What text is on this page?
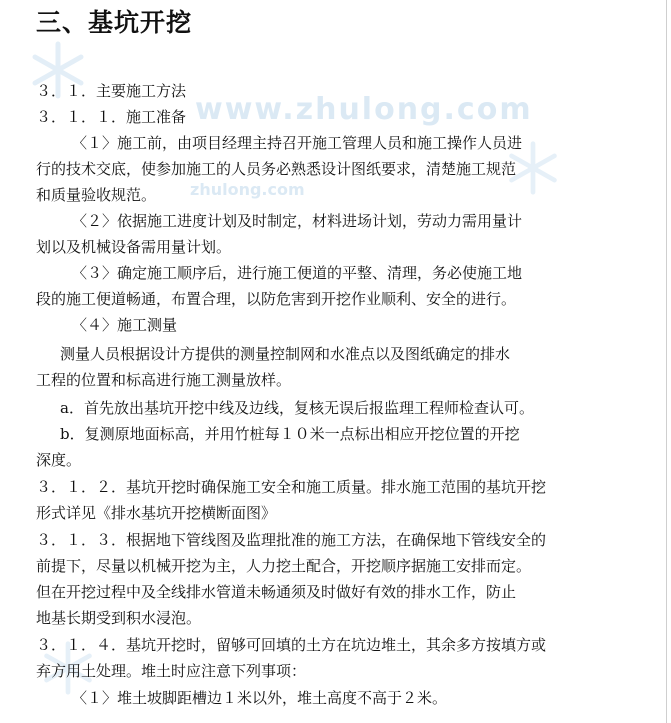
www.zhulong.com
zhulong.com
三、基坑开挖
３．１．主要施工方法
３．１．１．施工准备
〈１〉施工前，由项目经理主持召开施工管理人员和施工操作人员进
行的技术交底，使参加施工的人员务必熟悉设计图纸要求，清楚施工规范
和质量验收规范。
〈２〉依据施工进度计划及时制定，材料进场计划，劳动力需用量计
划以及机械设备需用量计划。
〈３〉确定施工顺序后，进行施工便道的平整、清理，务必使施工地
段的施工便道畅通，布置合理，以防危害到开挖作业顺利、安全的进行。
〈４〉施工测量
测量人员根据设计方提供的测量控制网和水准点以及图纸确定的排水
工程的位置和标高进行施工测量放样。
a．首先放出基坑开挖中线及边线，复核无误后报监理工程师检查认可。
b．复测原地面标高，并用竹桩每１０米一点标出相应开挖位置的开挖
深度。
３．１．２．基坑开挖时确保施工安全和施工质量。排水施工范围的基坑开挖
形式详见《排水基坑开挖横断面图》
３．１．３．根据地下管线图及监理批准的施工方法，在确保地下管线安全的
前提下，尽量以机械开挖为主，人力挖土配合，开挖顺序据施工安排而定。
但在开挖过程中及全线排水管道未畅通须及时做好有效的排水工作，防止
地基长期受到积水浸泡。
３．１．４．基坑开挖时，留够可回填的土方在坑边堆土，其余多方按填方或
弃方用土处理。堆土时应注意下列事项：
〈１〉堆土坡脚距槽边１米以外，堆土高度不高于２米。
